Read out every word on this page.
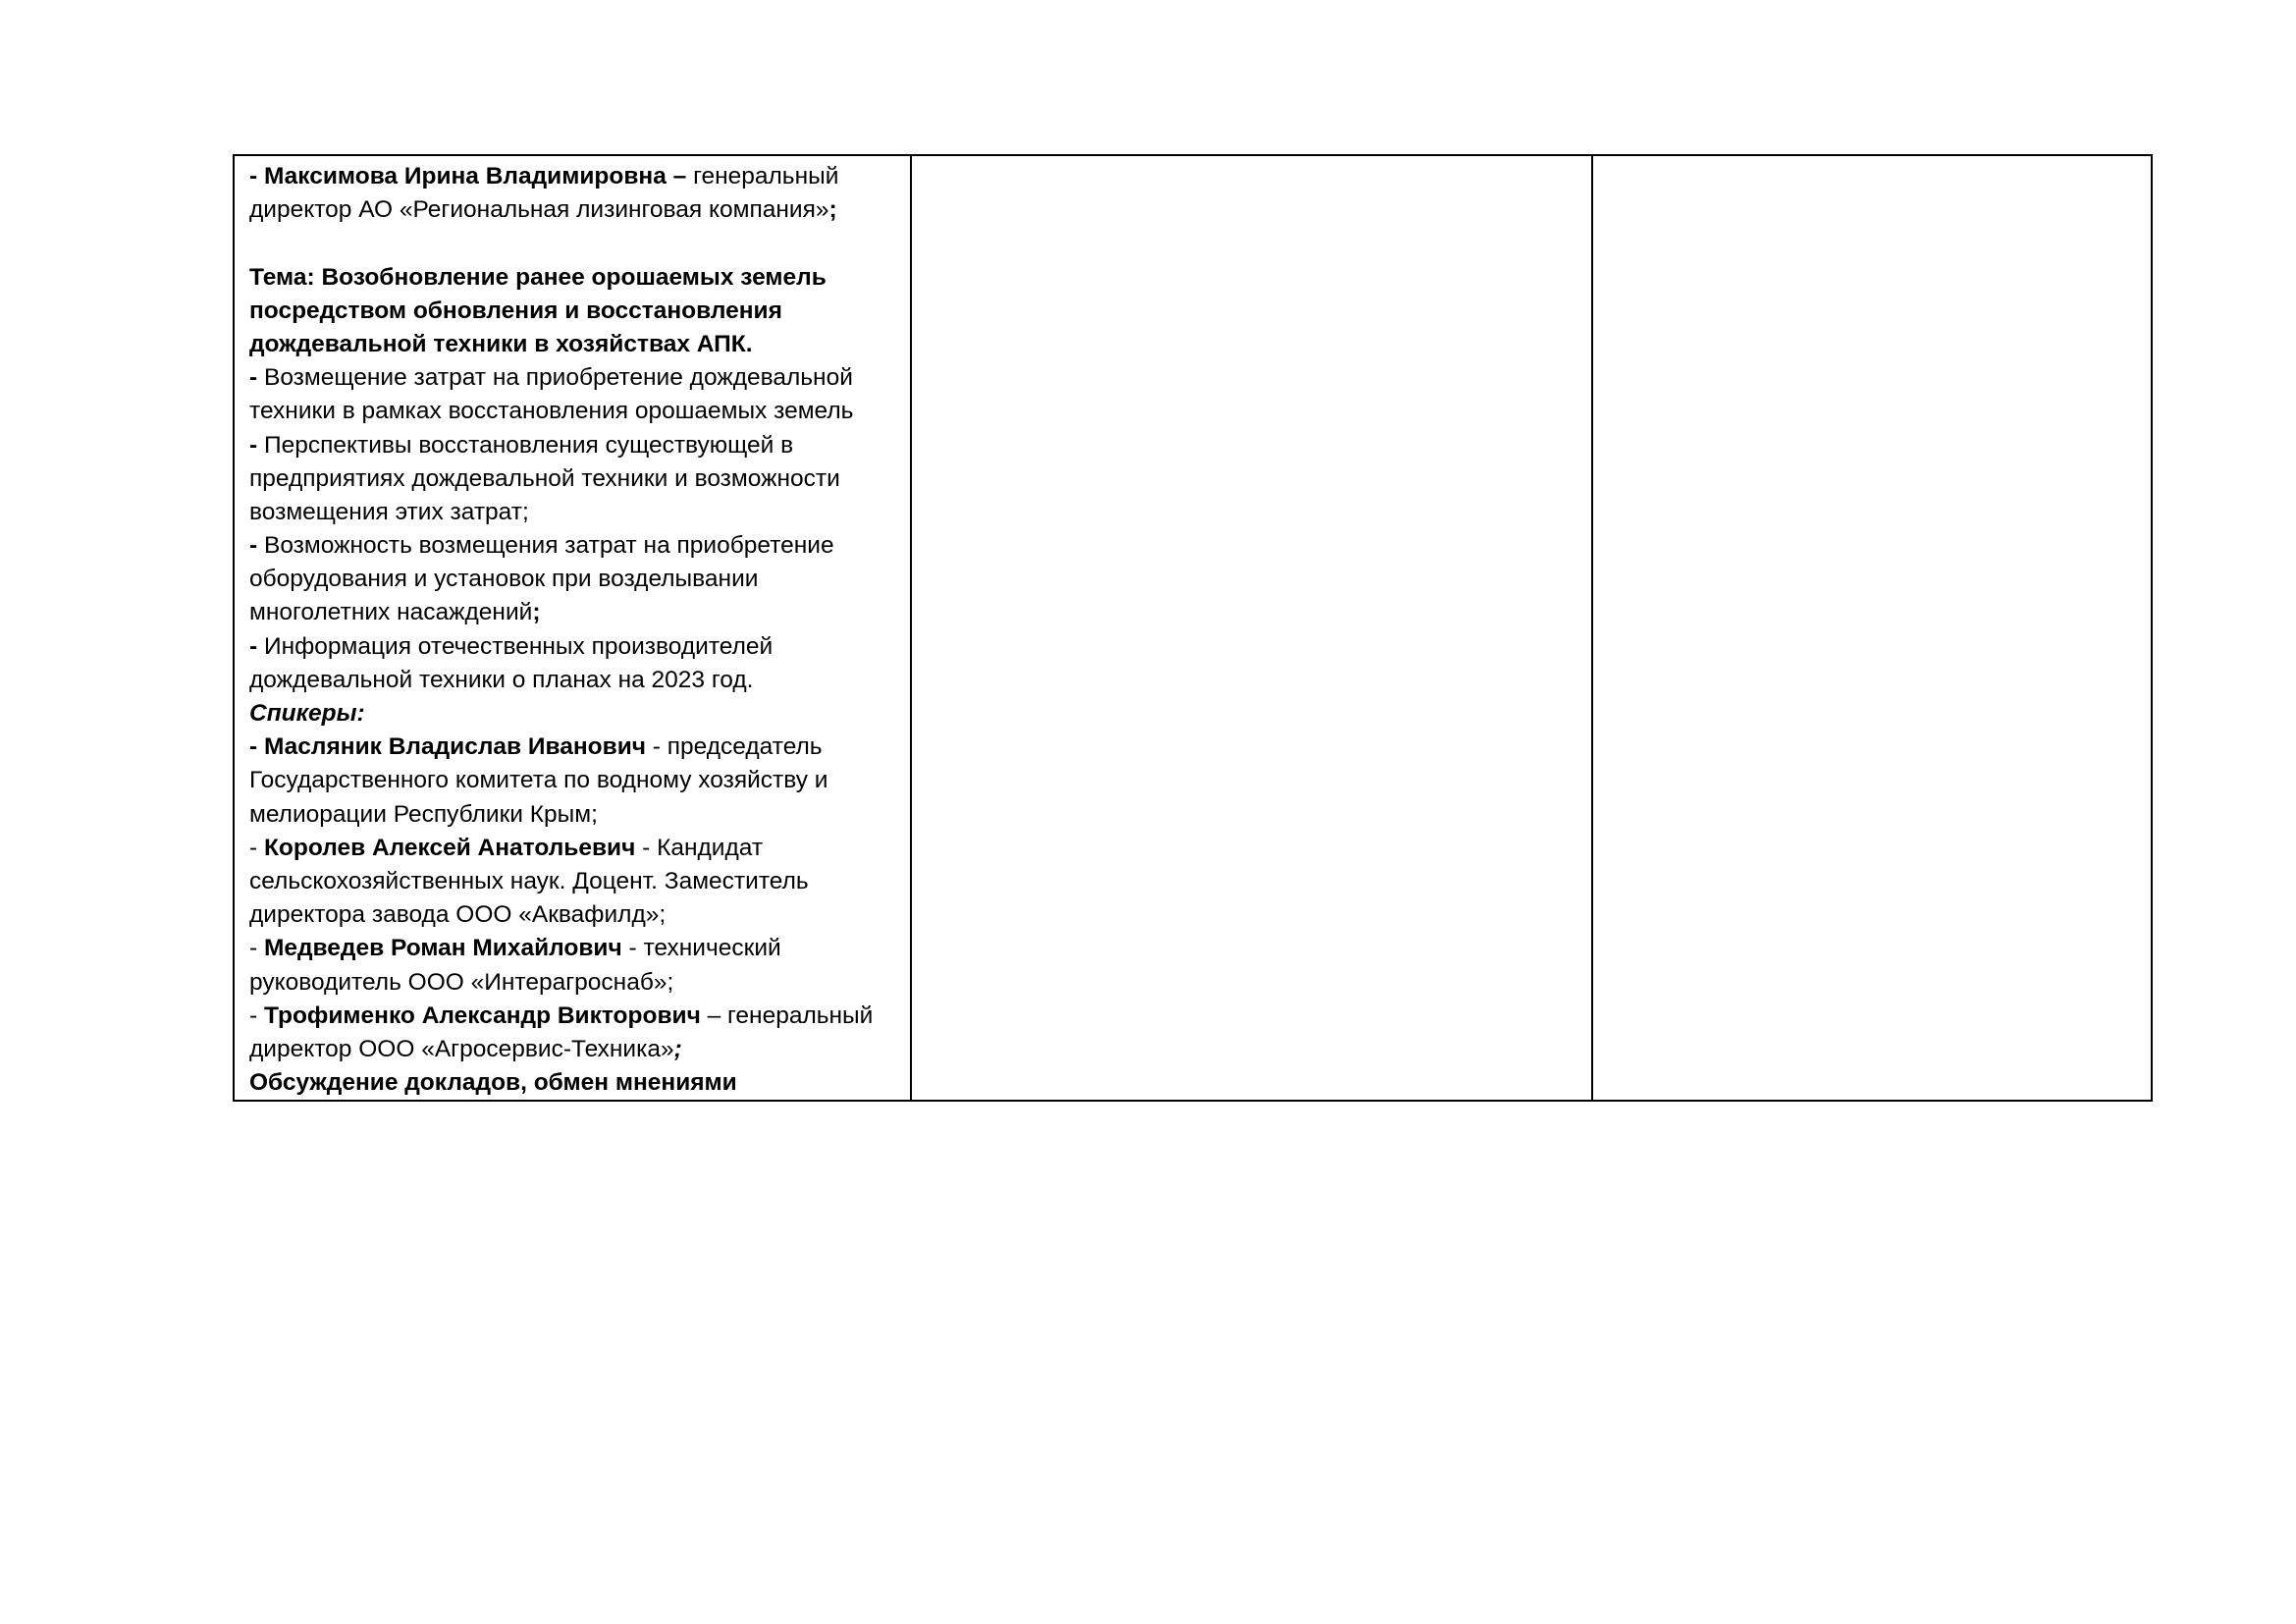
- Максимова Ирина Владимировна – генеральный
директор АО «Региональная лизинговая компания»;
Тема: Возобновление ранее орошаемых земель
посредством обновления и восстановления
дождевальной техники в хозяйствах АПК.
- Возмещение затрат на приобретение дождевальной
техники в рамках восстановления орошаемых земель
- Перспективы восстановления существующей в
предприятиях дождевальной техники и возможности
возмещения этих затрат;
- Возможность возмещения затрат на приобретение
оборудования и установок при возделывании
многолетних насаждений;
- Информация отечественных производителей
дождевальной техники о планах на 2023 год.
Спикеры:
- Масляник Владислав Иванович - председатель
Государственного комитета по водному хозяйству и
мелиорации Республики Крым;
- Королев Алексей Анатольевич - Кандидат
сельскохозяйственных наук. Доцент. Заместитель
директора завода ООО «Аквафилд»;
- Медведев Роман Михайлович - технический
руководитель ООО «Интерагроснаб»;
- Трофименко Александр Викторович – генеральный
директор ООО «Агросервис-Техника»;
Обсуждение докладов, обмен мнениями
